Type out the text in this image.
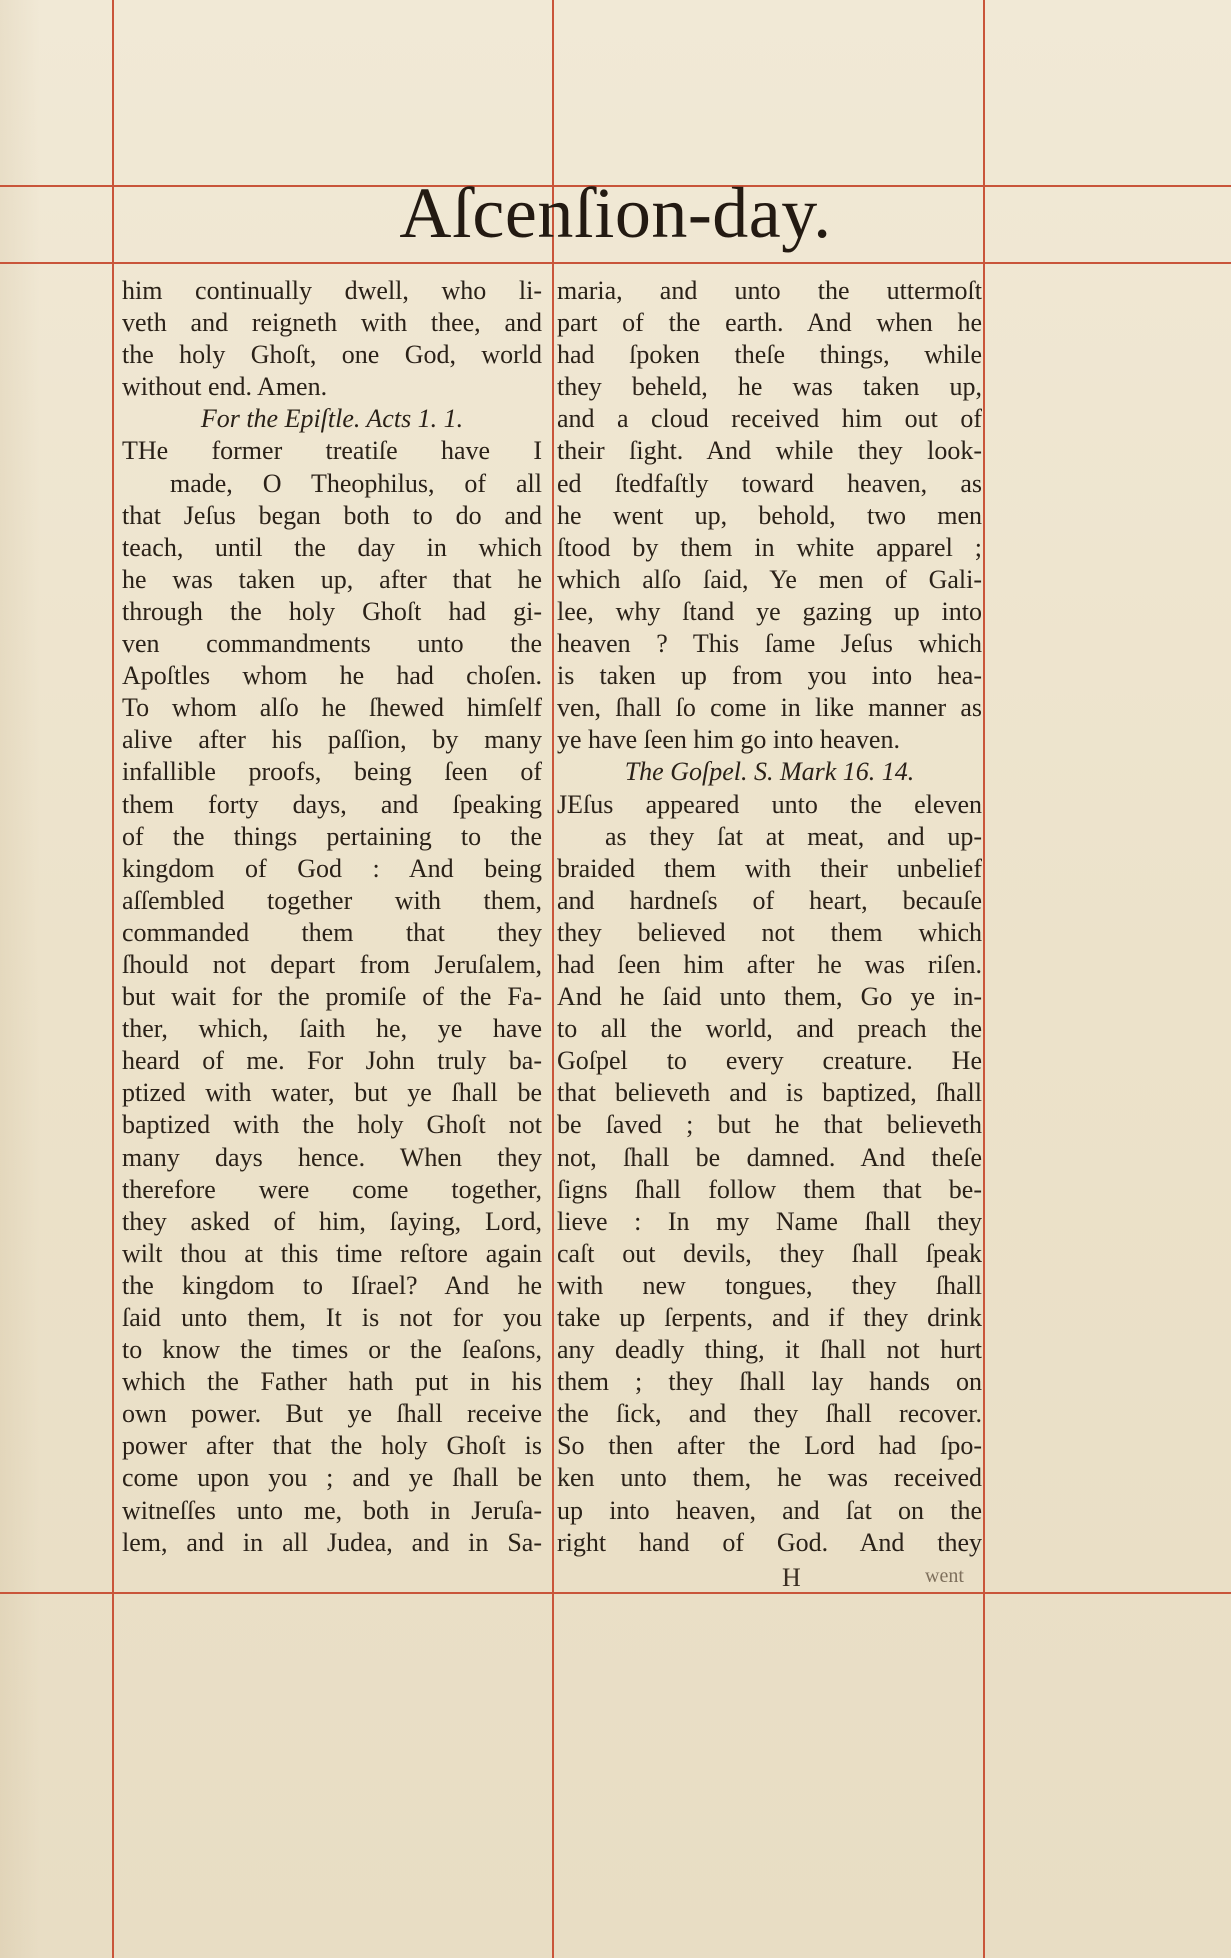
Aſcenſion-day.
him continually dwell, who li-
veth and reigneth with thee, and
the holy Ghoſt, one God, world
without end. Amen.
For the Epiſtle. Acts 1. 1.
THe former treatiſe have I
made, O Theophilus, of all
that Jeſus began both to do and
teach, until the day in which
he was taken up, after that he
through the holy Ghoſt had gi-
ven commandments unto the
Apoſtles whom he had choſen.
To whom alſo he ſhewed himſelf
alive after his paſſion, by many
infallible proofs, being ſeen of
them forty days, and ſpeaking
of the things pertaining to the
kingdom of God : And being
aſſembled together with them,
commanded them that they
ſhould not depart from Jeruſalem,
but wait for the promiſe of the Fa-
ther, which, ſaith he, ye have
heard of me. For John truly ba-
ptized with water, but ye ſhall be
baptized with the holy Ghoſt not
many days hence. When they
therefore were come together,
they asked of him, ſaying, Lord,
wilt thou at this time reſtore again
the kingdom to Iſrael? And he
ſaid unto them, It is not for you
to know the times or the ſeaſons,
which the Father hath put in his
own power. But ye ſhall receive
power after that the holy Ghoſt is
come upon you ; and ye ſhall be
witneſſes unto me, both in Jeruſa-
lem, and in all Judea, and in Sa-
maria, and unto the uttermoſt
part of the earth. And when he
had ſpoken theſe things, while
they beheld, he was taken up,
and a cloud received him out of
their ſight. And while they look-
ed ſtedfaſtly toward heaven, as
he went up, behold, two men
ſtood by them in white apparel ;
which alſo ſaid, Ye men of Gali-
lee, why ſtand ye gazing up into
heaven ? This ſame Jeſus which
is taken up from you into hea-
ven, ſhall ſo come in like manner as
ye have ſeen him go into heaven.
The Goſpel. S. Mark 16. 14.
JEſus appeared unto the eleven
as they ſat at meat, and up-
braided them with their unbelief
and hardneſs of heart, becauſe
they believed not them which
had ſeen him after he was riſen.
And he ſaid unto them, Go ye in-
to all the world, and preach the
Goſpel to every creature. He
that believeth and is baptized, ſhall
be ſaved ; but he that believeth
not, ſhall be damned. And theſe
ſigns ſhall follow them that be-
lieve : In my Name ſhall they
caſt out devils, they ſhall ſpeak
with new tongues, they ſhall
take up ſerpents, and if they drink
any deadly thing, it ſhall not hurt
them ; they ſhall lay hands on
the ſick, and they ſhall recover.
So then after the Lord had ſpo-
ken unto them, he was received
up into heaven, and ſat on the
right hand of God. And they
H	went
